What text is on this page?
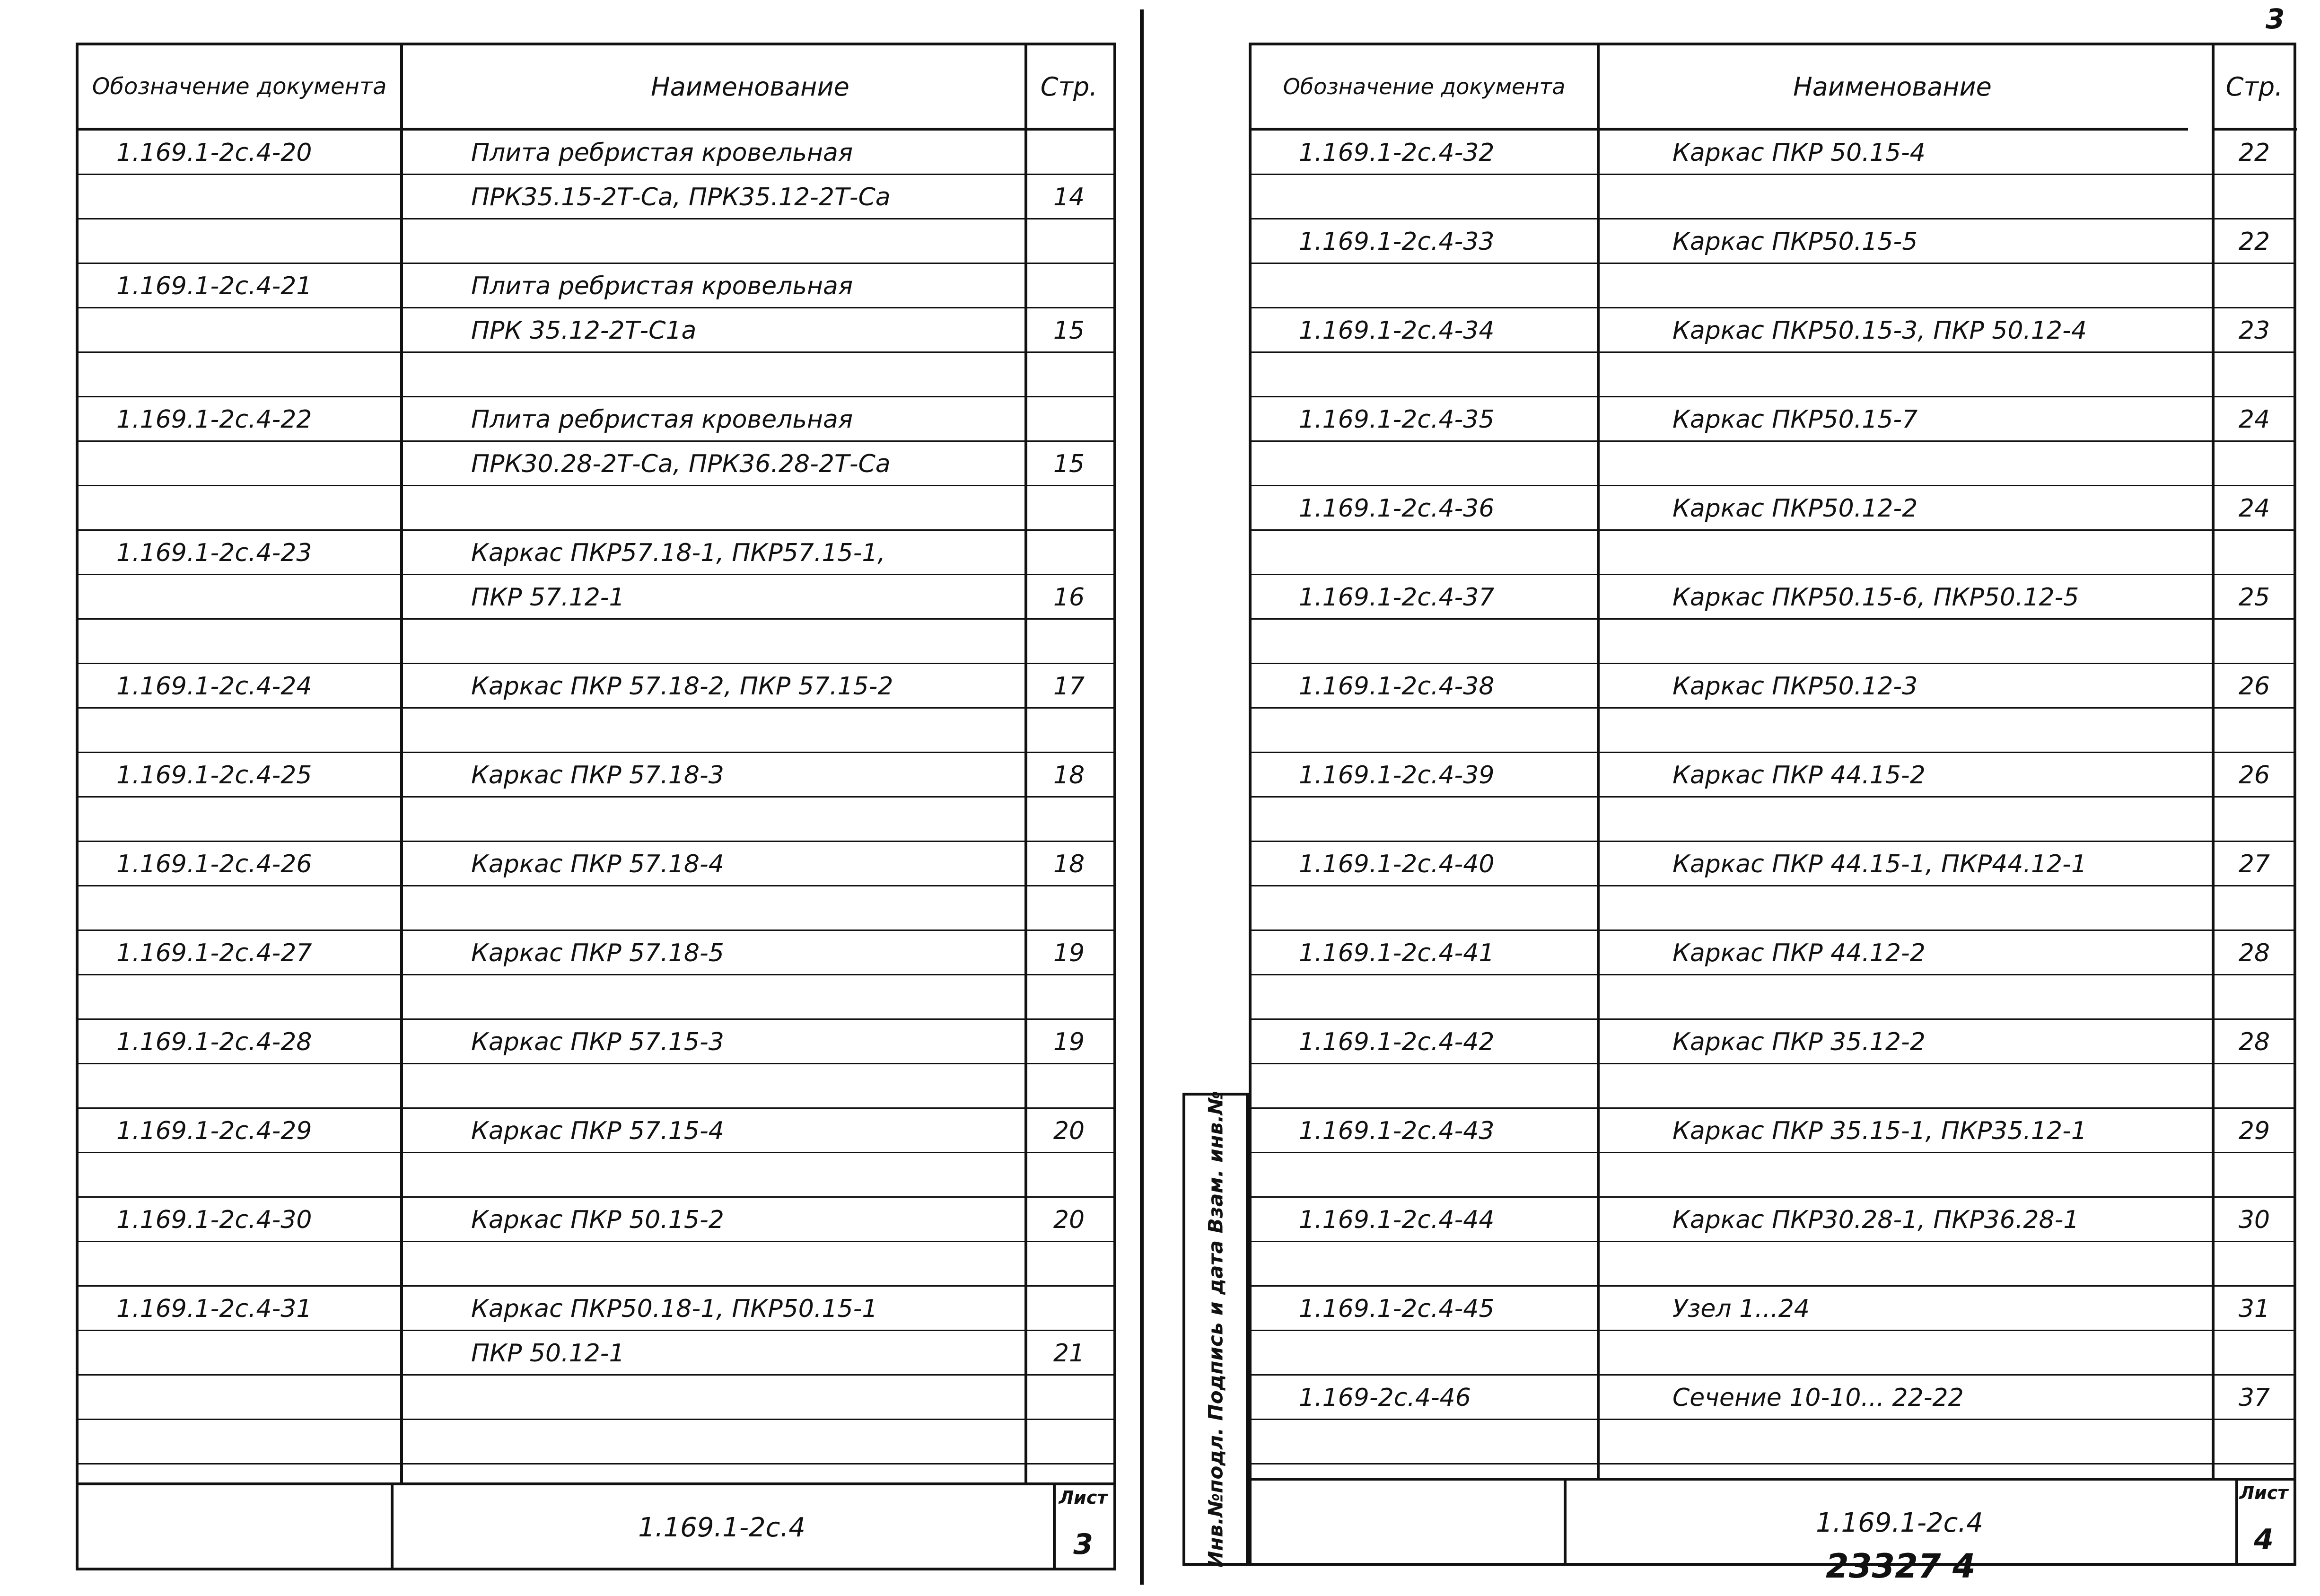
Обозначение документа	Наименование	Стр.
1.169.1-2с.4-20	Плита ребристая кровельная
ПРК35.15-2Т-Са, ПРК35.12-2Т-Са	14
1.169.1-2с.4-21	Плита ребристая кровельная
ПРК 35.12-2Т-С1а	15
1.169.1-2с.4-22	Плита ребристая кровельная
ПРК30.28-2Т-Са, ПРК36.28-2Т-Са	15
1.169.1-2с.4-23	Каркас ПКР57.18-1, ПКР57.15-1,
ПКР 57.12-1	16
1.169.1-2с.4-24	Каркас ПКР 57.18-2, ПКР 57.15-2	17
1.169.1-2с.4-25	Каркас ПКР 57.18-3	18
1.169.1-2с.4-26	Каркас ПКР 57.18-4	18
1.169.1-2с.4-27	Каркас ПКР 57.18-5	19
1.169.1-2с.4-28	Каркас ПКР 57.15-3	19
1.169.1-2с.4-29	Каркас ПКР 57.15-4	20
1.169.1-2с.4-30	Каркас ПКР 50.15-2	20
1.169.1-2с.4-31	Каркас ПКР50.18-1, ПКР50.15-1
ПКР 50.12-1	21
1.169.1-2с.4
Лист
3	Инв.№подл. Подпись и дата Взам. инв.№
Обозначение документа	Наименование	Стр.
1.169.1-2с.4-32	Каркас ПКР 50.15-4	22
1.169.1-2с.4-33	Каркас ПКР50.15-5	22
1.169.1-2с.4-34	Каркас ПКР50.15-3, ПКР 50.12-4	23
1.169.1-2с.4-35	Каркас ПКР50.15-7	24
1.169.1-2с.4-36	Каркас ПКР50.12-2	24
1.169.1-2с.4-37	Каркас ПКР50.15-6, ПКР50.12-5	25
1.169.1-2с.4-38	Каркас ПКР50.12-3	26
1.169.1-2с.4-39	Каркас ПКР 44.15-2	26
1.169.1-2с.4-40	Каркас ПКР 44.15-1, ПКР44.12-1	27
1.169.1-2с.4-41	Каркас ПКР 44.12-2	28
1.169.1-2с.4-42	Каркас ПКР 35.12-2	28
1.169.1-2с.4-43	Каркас ПКР 35.15-1, ПКР35.12-1	29
1.169.1-2с.4-44	Каркас ПКР30.28-1, ПКР36.28-1	30
1.169.1-2с.4-45	Узел 1...24	31
1.169-2с.4-46	Сечение 10-10... 22-22	37
1.169.1-2с.4
Лист
4
3
23327 4
